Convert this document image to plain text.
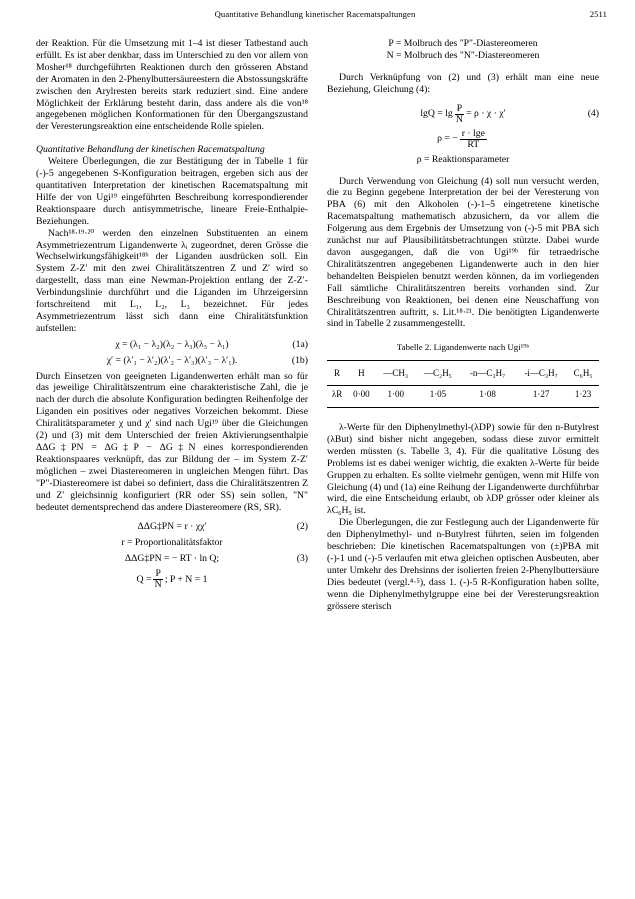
Quantitative Behandlung kinetischer Racematspaltungen	2511

der Reaktion. Für die Umsetzung mit 1–4 ist dieser Tatbestand auch erfüllt. Es ist aber denkbar, dass im Unterschied zu den vor allem von Mosher¹⁸ durchgeführten Reaktionen durch den grösseren Abstand der Aromaten in den 2-Phenylbuttersäureestern die Abstossungskräfte zwischen den Arylresten bereits stark reduziert sind. Eine andere Möglichkeit der Erklärung besteht darin, dass andere als die von¹⁸ angegebenen möglichen Konformationen für den Übergangszustand der Veresterungsreaktion eine entscheidende Rolle spielen.

Quantitative Behandlung der kinetischen Racematspaltung

Weitere Überlegungen, die zur Bestätigung der in Tabelle 1 für (-)-5 angegebenen S-Konfiguration beitragen, ergeben sich aus der quantitativen Interpretation der kinetischen Racematspaltung mit Hilfe der von Ugi¹⁹ eingeführten Beschreibung korrespondierender Reaktionspaare durch antisymmetrische, lineare Freie-Enthalpie-Beziehungen.

Nach¹⁸·¹⁹·²⁰ werden den einzelnen Substituenten an einem Asymmetriezentrum Ligandenwerte λᵢ zugeordnet, deren Grösse die Wechselwirkungsfähigkeit¹⁸ᵇ der Liganden ausdrücken soll. Ein System Z-Z′ mit den zwei Chiralitätszentren Z und Z′ wird so dargestellt, dass man eine Newman-Projektion entlang der Z-Z′-Verbindungslinie durchführt und die Liganden im Uhrzeigersinn fortschreitend mit L₁, L₂, L₃ bezeichnet. Für jedes Asymmetriezentrum lässt sich dann eine Chiralitätsfunktion aufstellen:

χ = (λ₁ − λ₂)(λ₂ − λ₃)(λ₃ − λ₁)	(1a)
χ′ = (λ′₁ − λ′₂)(λ′₂ − λ′₃)(λ′₃ − λ′₁).	(1b)

Durch Einsetzen von geeigneten Ligandenwerten erhält man so für das jeweilige Chiralitätszentrum eine charakteristische Zahl, die je nach der durch die absolute Konfiguration bedingten Reihenfolge der Liganden ein positives oder negatives Vorzeichen bekommt. Diese Chiralitätsparameter χ und χ′ sind nach Ugi¹⁹ über die Gleichungen (2) und (3) mit dem Unterschied der freien Aktivierungsenthalpie ΔΔG‡PN = ΔG‡P − ΔG‡N eines korrespondierenden Reaktionspaares verknüpft, das zur Bildung der – im System Z-Z′ möglichen – zwei Diastereomeren in ungleichen Mengen führt. Das "P"-Diastereomere ist dabei so definiert, dass die Chiralitätszentren Z und Z′ gleichsinnig konfiguriert (RR oder SS) sein sollen, "N" bedeutet dementsprechend das andere Diastereomere (RS, SR).

ΔΔG‡PN = r · χχ′	(2)
r = Proportionalitätsfaktor
ΔΔG‡PN = − RT · ln Q;	(3)
$Q = \frac{P}{N}$ ; P + N = 1
P = Molbruch des "P"-Diastereomeren
N = Molbruch des "N"-Diastereomeren

Durch Verknüpfung von (2) und (3) erhält man eine neue Beziehung, Gleichung (4):

$\lg Q = \lg \frac{P}{N} = \rho \cdot \chi \cdot \chi'$	(4)
ρ = − $\frac{r \cdot \lg e}{RT}$
ρ = Reaktionsparameter

Durch Verwendung von Gleichung (4) soll nun versucht werden, die zu Beginn gegebene Interpretation der bei der Veresterung von PBA (6) mit den Alkoholen (-)-1–5 eingetretene kinetische Racematspaltung mathematisch abzusichern, da vor allem die Folgerung aus dem Ergebnis der Umsetzung von (-)-5 mit PBA sich zunächst nur auf Plausibilitätsbetrachtungen stützte. Dabei wurde davon ausgegangen, daß die von Ugi¹⁹ᵇ für tetraedrische Chiralitätszentren angegebenen Ligandenwerte auch in den hier behandelten Beispielen benutzt werden können, da im vorliegenden Fall sämtliche Chiralitätszentren bereits vorhanden sind. Zur Beschreibung von Reaktionen, bei denen eine Neuschaffung von Chiralitätszentren auftritt, s. Lit.¹⁸·²¹. Die benötigten Ligandenwerte sind in Tabelle 2 zusammengestellt.

Tabelle 2. Ligandenwerte nach Ugi¹⁹ᵇ
R	H	—CH₃	—C₂H₅	-n—C₃H₇	-i—C₃H₇	C₆H₅
λR	0·00	1·00	1·05	1·08	1·27	1·23

λ-Werte für den Diphenylmethyl-(λDP) sowie für den n-Butylrest (λBut) sind bisher nicht angegeben, sodass diese zuvor ermittelt werden müssten (s. Tabelle 3, 4). Für die qualitative Lösung des Problems ist es dabei weniger wichtig, die exakten λ-Werte für beide Gruppen zu erhalten. Es sollte vielmehr genügen, wenn mit Hilfe von Gleichung (4) und (1a) eine Reihung der Ligandenwerte durchführbar wird, die eine Entscheidung erlaubt, ob λDP grösser oder kleiner als λC₆H₅ ist.

Die Überlegungen, die zur Festlegung auch der Ligandenwerte für den Diphenylmethyl- und n-Butylrest führten, seien im folgenden beschrieben: Die kinetischen Racematspaltungen von (±)PBA mit (-)-1 und (-)-5 verlaufen mit etwa gleichen optischen Ausbeuten, aber unter Umkehr des Drehsinns der isolierten freien 2-Phenylbuttersäure Dies bedeutet (vergl.⁴·⁵), dass 1. (-)-5 R-Konfiguration haben sollte, wenn die Diphenylmethylgruppe eine bei der Veresterungsreaktion grössere sterisch
